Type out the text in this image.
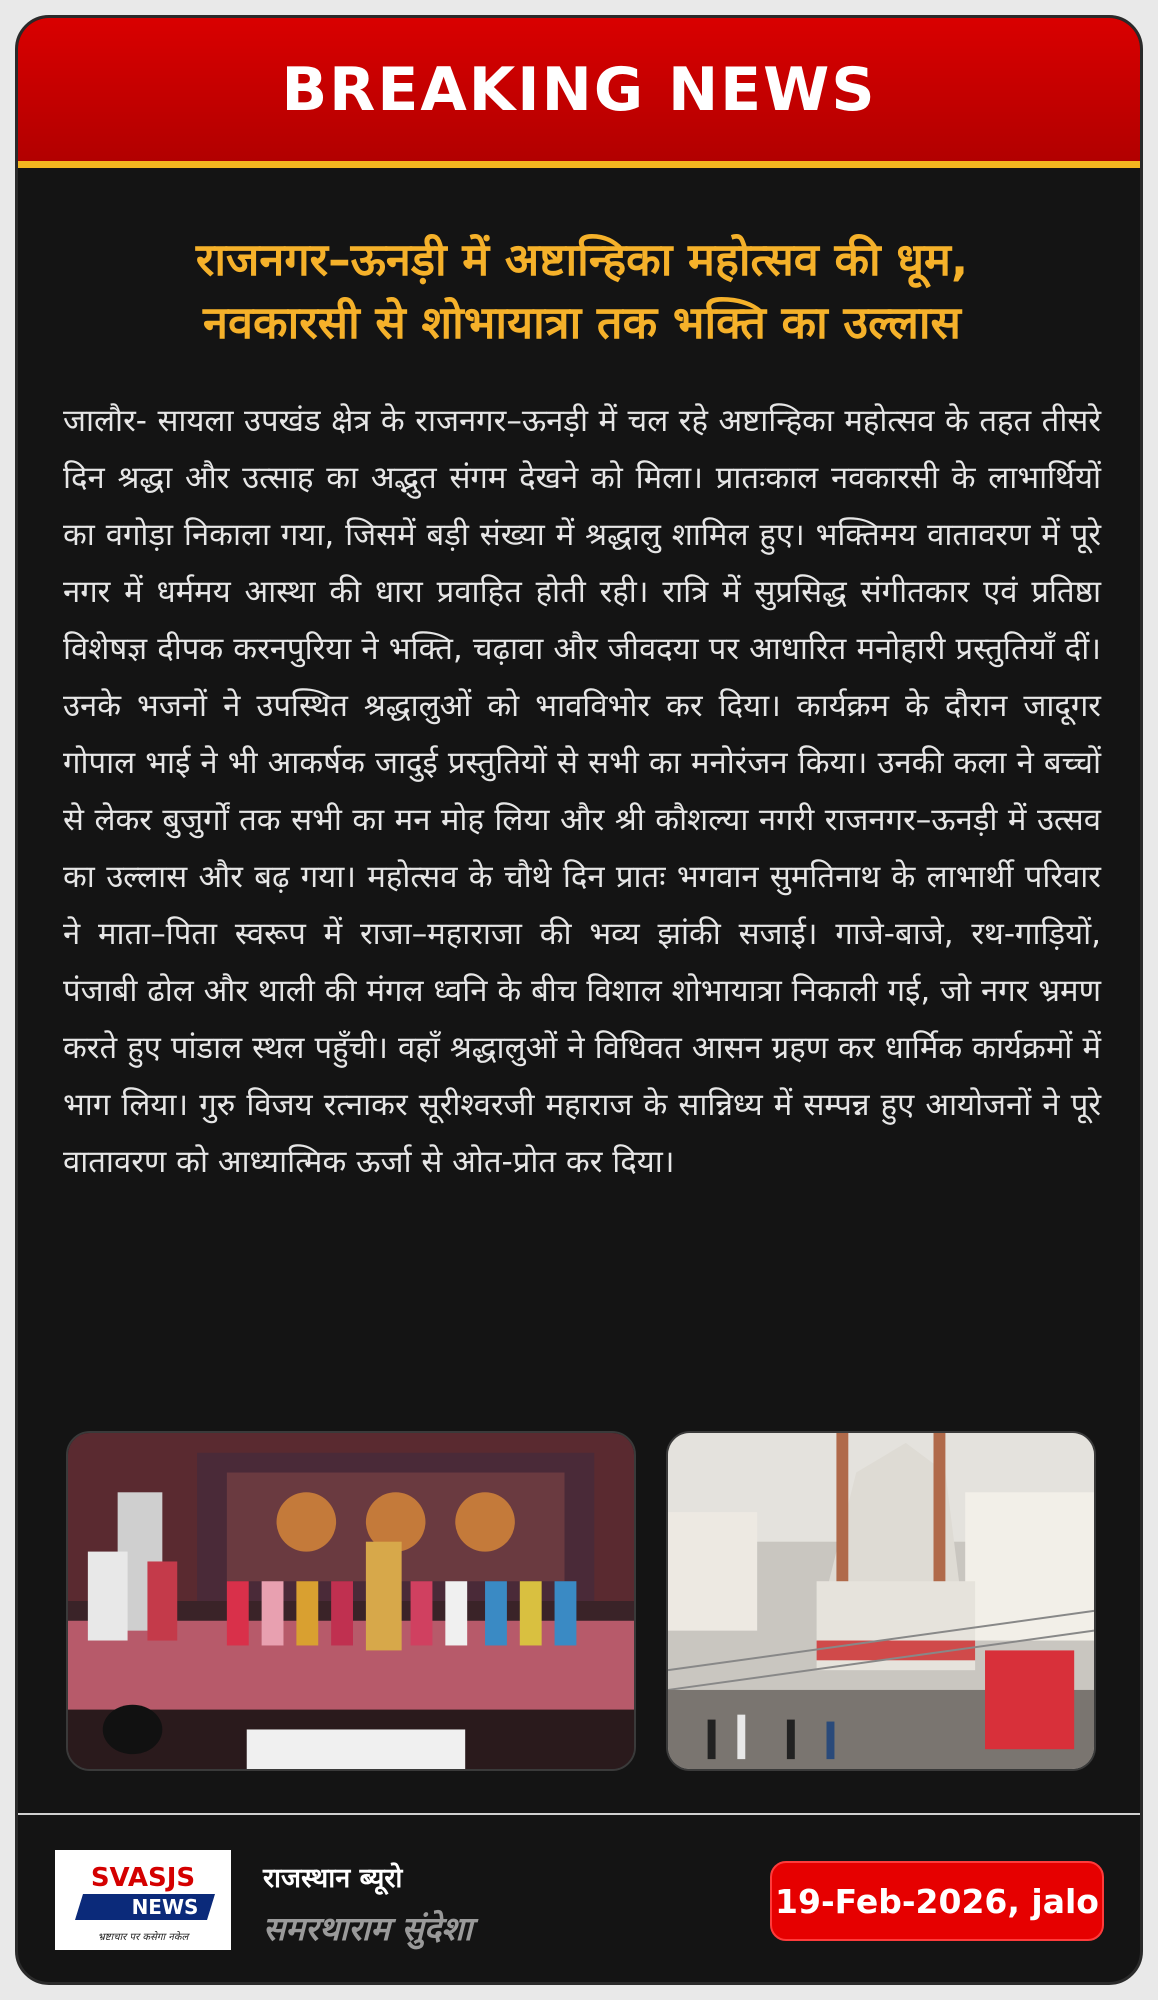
BREAKING NEWS
राजनगर–ऊनड़ी में अष्टान्हिका महोत्सव की धूम,
नवकारसी से शोभायात्रा तक भक्ति का उल्लास

जालौर- सायला उपखंड क्षेत्र के राजनगर–ऊनड़ी में चल रहे अष्टान्हिका महोत्सव के तहत तीसरे दिन श्रद्धा और उत्साह का अद्भुत संगम देखने को मिला। प्रातःकाल नवकारसी के लाभार्थियों का वगोड़ा निकाला गया, जिसमें बड़ी संख्या में श्रद्धालु शामिल हुए। भक्तिमय वातावरण में पूरे नगर में धर्ममय आस्था की धारा प्रवाहित होती रही। रात्रि में सुप्रसिद्ध संगीतकार एवं प्रतिष्ठा विशेषज्ञ दीपक करनपुरिया ने भक्ति, चढ़ावा और जीवदया पर आधारित मनोहारी प्रस्तुतियाँ दीं। उनके भजनों ने उपस्थित श्रद्धालुओं को भावविभोर कर दिया। कार्यक्रम के दौरान जादूगर गोपाल भाई ने भी आकर्षक जादुई प्रस्तुतियों से सभी का मनोरंजन किया। उनकी कला ने बच्चों से लेकर बुजुर्गों तक सभी का मन मोह लिया और श्री कौशल्या नगरी राजनगर–ऊनड़ी में उत्सव का उल्लास और बढ़ गया। महोत्सव के चौथे दिन प्रातः भगवान सुमतिनाथ के लाभार्थी परिवार ने माता–पिता स्वरूप में राजा–महाराजा की भव्य झांकी सजाई। गाजे-बाजे, रथ-गाड़ियों, पंजाबी ढोल और थाली की मंगल ध्वनि के बीच विशाल शोभायात्रा निकाली गई, जो नगर भ्रमण करते हुए पांडाल स्थल पहुँची। वहाँ श्रद्धालुओं ने विधिवत आसन ग्रहण कर धार्मिक कार्यक्रमों में भाग लिया। गुरु विजय रत्नाकर सूरीश्वरजी महाराज के सान्निध्य में सम्पन्न हुए आयोजनों ने पूरे वातावरण को आध्यात्मिक ऊर्जा से ओत-प्रोत कर दिया।

SVASJS
NEWS
भ्रष्टाचार पर कसेगा नकेल
राजस्थान ब्यूरो
समरथाराम सुंदेशा
19-Feb-2026, jalo
